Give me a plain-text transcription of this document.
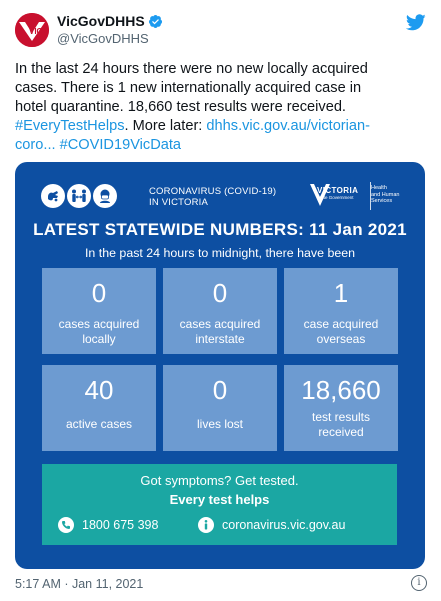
VIC
VicGovDHHS
@VicGovDHHS
In the last 24 hours there were no new locally acquired
cases. There is 1 new internationally acquired case in
hotel quarantine. 18,660 test results were received.
#EveryTestHelps. More later: dhhs.vic.gov.au/victorian-
coro... #COVID19VicData
CORONAVIRUS (COVID-19)
IN VICTORIA
VICTORIA
State Government
Health
and Human
Services
LATEST STATEWIDE NUMBERS: 11 Jan 2021
In the past 24 hours to midnight, there have been
0
cases acquired
locally
0
cases acquired
interstate
1
case acquired
overseas
40
active cases
0
lives lost
18,660
test results
received
Got symptoms? Get tested.
Every test helps
1800 675 398	coronavirus.vic.gov.au
5:17 AM · Jan 11, 2021	i
